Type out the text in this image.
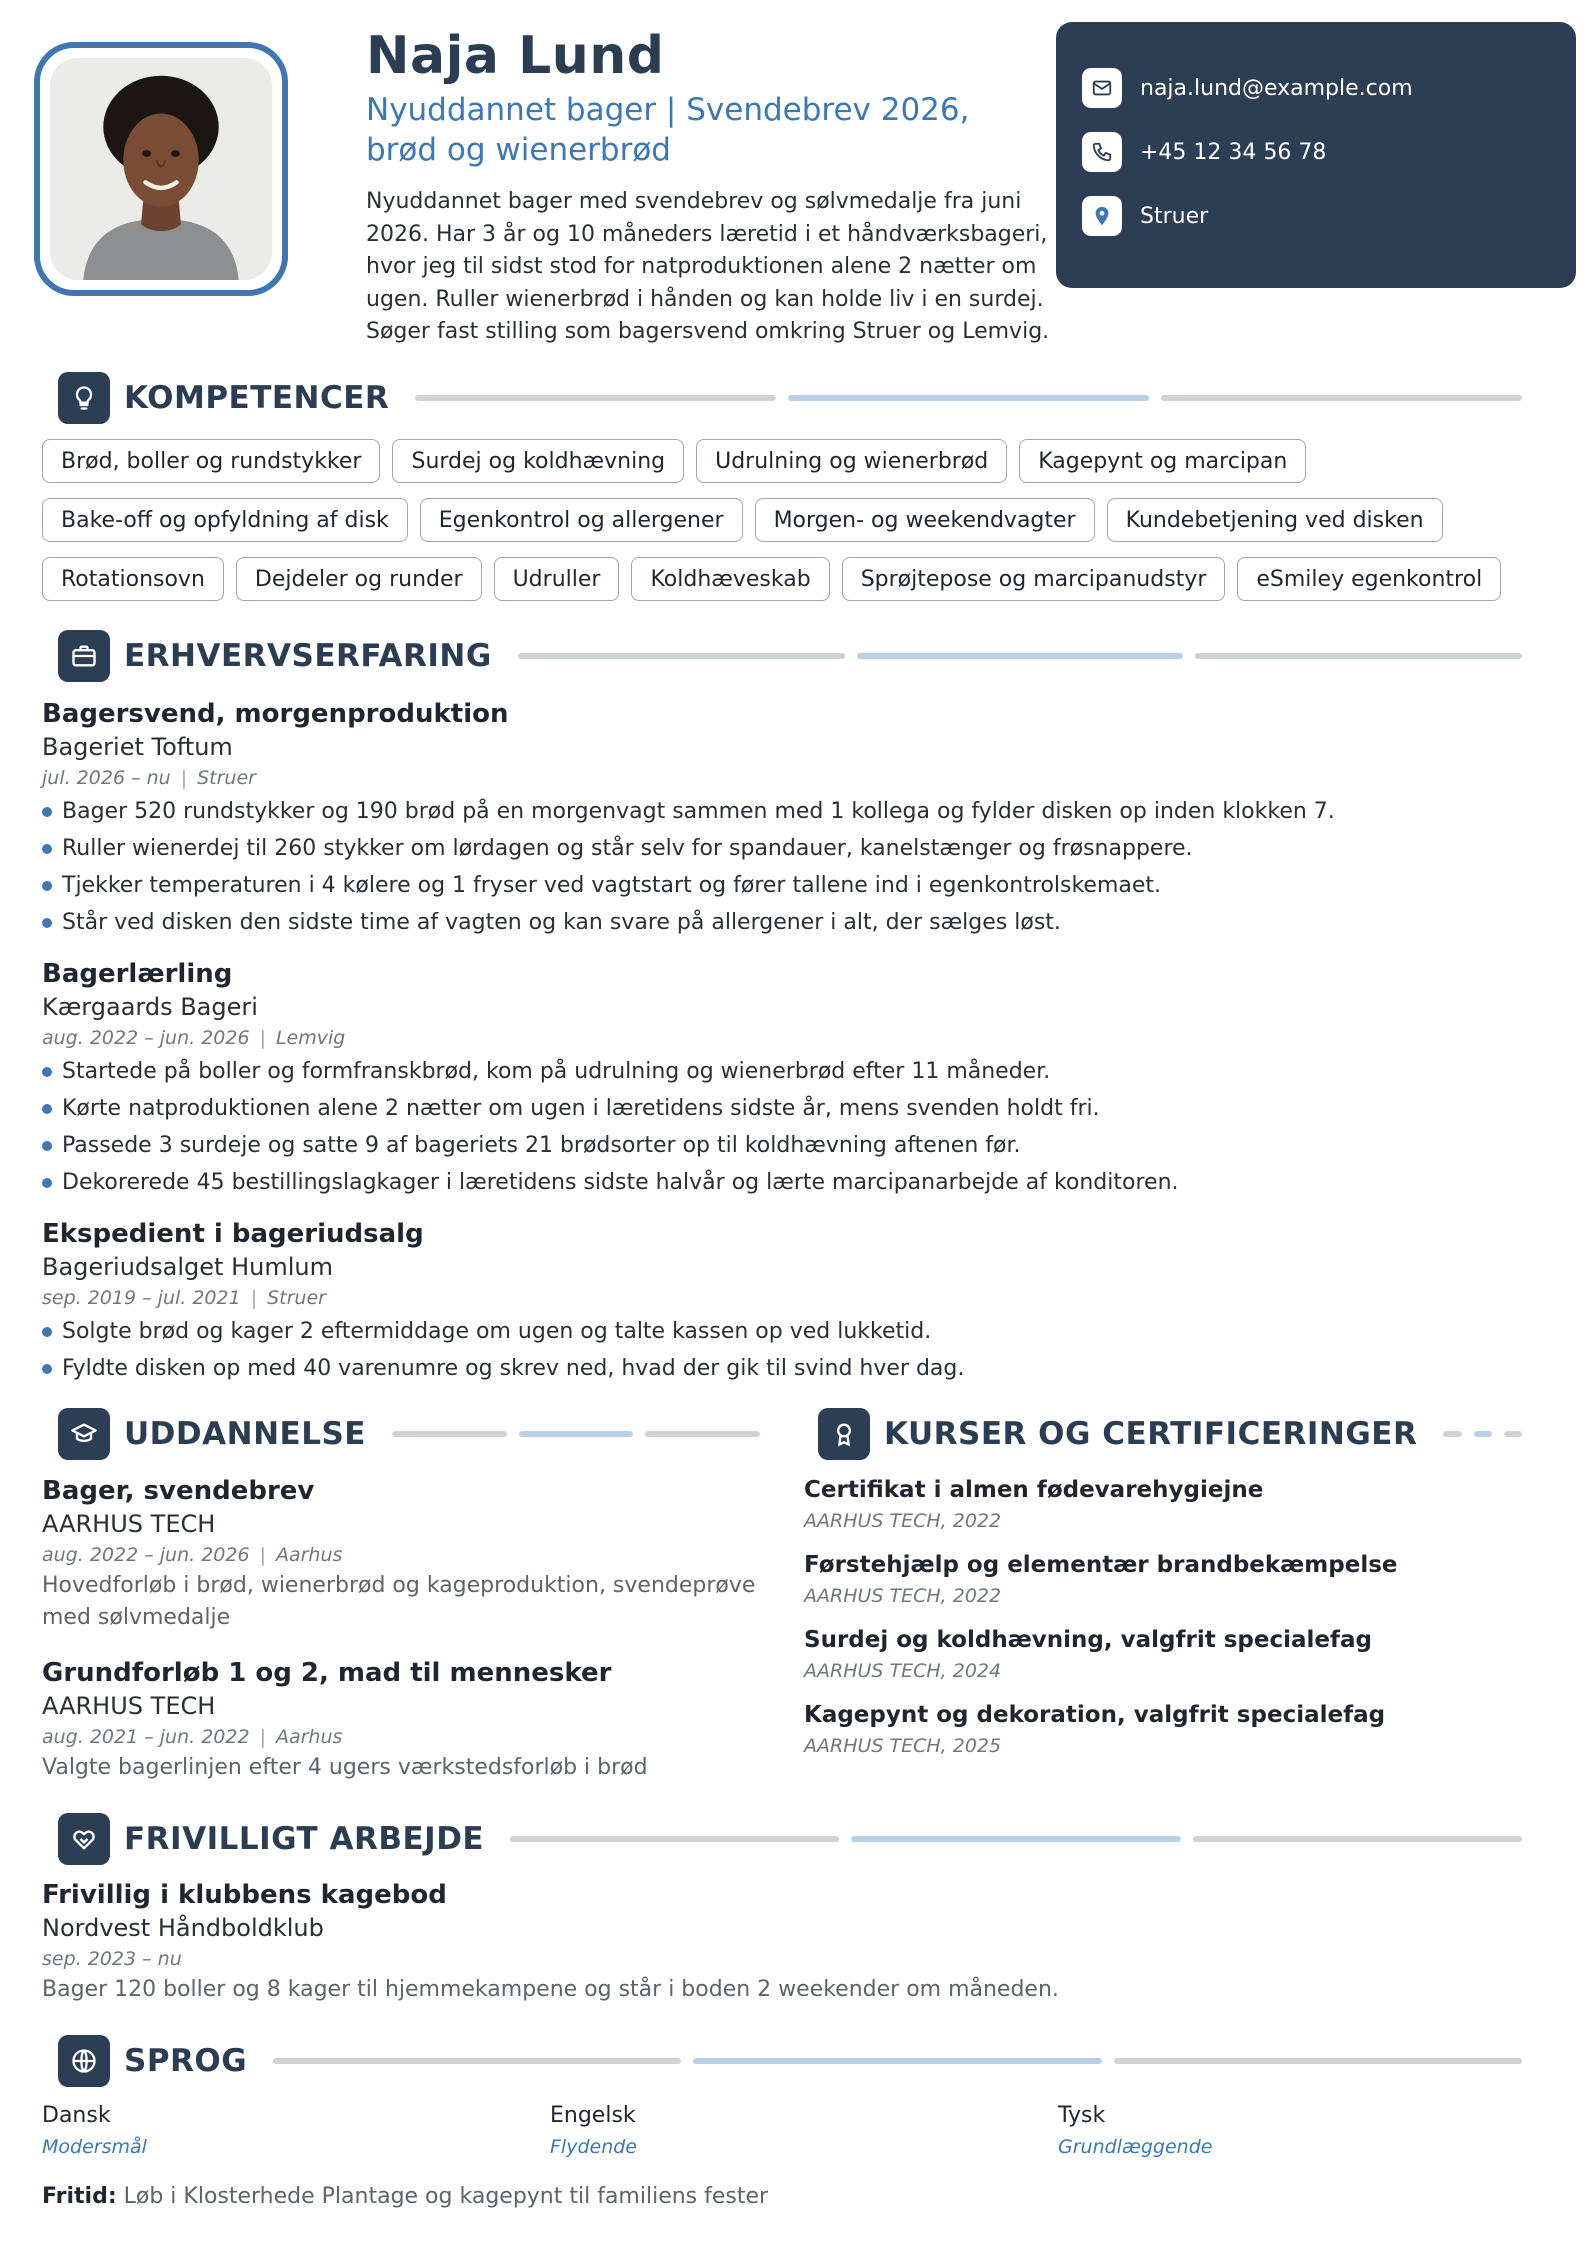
Naja Lund
Nyuddannet bager | Svendebrev 2026, brød og wienerbrød
Nyuddannet bager med svendebrev og sølvmedalje fra juni 2026. Har 3 år og 10 måneders læretid i et håndværksbageri, hvor jeg til sidst stod for natproduktionen alene 2 nætter om ugen. Ruller wienerbrød i hånden og kan holde liv i en surdej. Søger fast stilling som bagersvend omkring Struer og Lemvig.
naja.lund@example.com
+45 12 34 56 78
Struer
KOMPETENCER
Brød, boller og rundstykker	Surdej og koldhævning	Udrulning og wienerbrød	Kagepynt og marcipan
Bake-off og opfyldning af disk	Egenkontrol og allergener	Morgen- og weekendvagter	Kundebetjening ved disken
Rotationsovn	Dejdeler og runder	Udruller	Koldhæveskab	Sprøjtepose og marcipanudstyr	eSmiley egenkontrol
ERHVERVSERFARING
Bagersvend, morgenproduktion
Bageriet Toftum
jul. 2026 – nu | Struer
Bager 520 rundstykker og 190 brød på en morgenvagt sammen med 1 kollega og fylder disken op inden klokken 7.
Ruller wienerdej til 260 stykker om lørdagen og står selv for spandauer, kanelstænger og frøsnappere.
Tjekker temperaturen i 4 kølere og 1 fryser ved vagtstart og fører tallene ind i egenkontrolskemaet.
Står ved disken den sidste time af vagten og kan svare på allergener i alt, der sælges løst.
Bagerlærling
Kærgaards Bageri
aug. 2022 – jun. 2026 | Lemvig
Startede på boller og formfranskbrød, kom på udrulning og wienerbrød efter 11 måneder.
Kørte natproduktionen alene 2 nætter om ugen i læretidens sidste år, mens svenden holdt fri.
Passede 3 surdeje og satte 9 af bageriets 21 brødsorter op til koldhævning aftenen før.
Dekorerede 45 bestillingslagkager i læretidens sidste halvår og lærte marcipanarbejde af konditoren.
Ekspedient i bageriudsalg
Bageriudsalget Humlum
sep. 2019 – jul. 2021 | Struer
Solgte brød og kager 2 eftermiddage om ugen og talte kassen op ved lukketid.
Fyldte disken op med 40 varenumre og skrev ned, hvad der gik til svind hver dag.
UDDANNELSE
Bager, svendebrev
AARHUS TECH
aug. 2022 – jun. 2026 | Aarhus
Hovedforløb i brød, wienerbrød og kageproduktion, svendeprøve med sølvmedalje
Grundforløb 1 og 2, mad til mennesker
AARHUS TECH
aug. 2021 – jun. 2022 | Aarhus
Valgte bagerlinjen efter 4 ugers værkstedsforløb i brød
KURSER OG CERTIFICERINGER
Certifikat i almen fødevarehygiejne
AARHUS TECH, 2022
Førstehjælp og elementær brandbekæmpelse
AARHUS TECH, 2022
Surdej og koldhævning, valgfrit specialefag
AARHUS TECH, 2024
Kagepynt og dekoration, valgfrit specialefag
AARHUS TECH, 2025
FRIVILLIGT ARBEJDE
Frivillig i klubbens kagebod
Nordvest Håndboldklub
sep. 2023 – nu
Bager 120 boller og 8 kager til hjemmekampene og står i boden 2 weekender om måneden.
SPROG
Dansk
Modersmål
Engelsk
Flydende
Tysk
Grundlæggende
Fritid: Løb i Klosterhede Plantage og kagepynt til familiens fester
